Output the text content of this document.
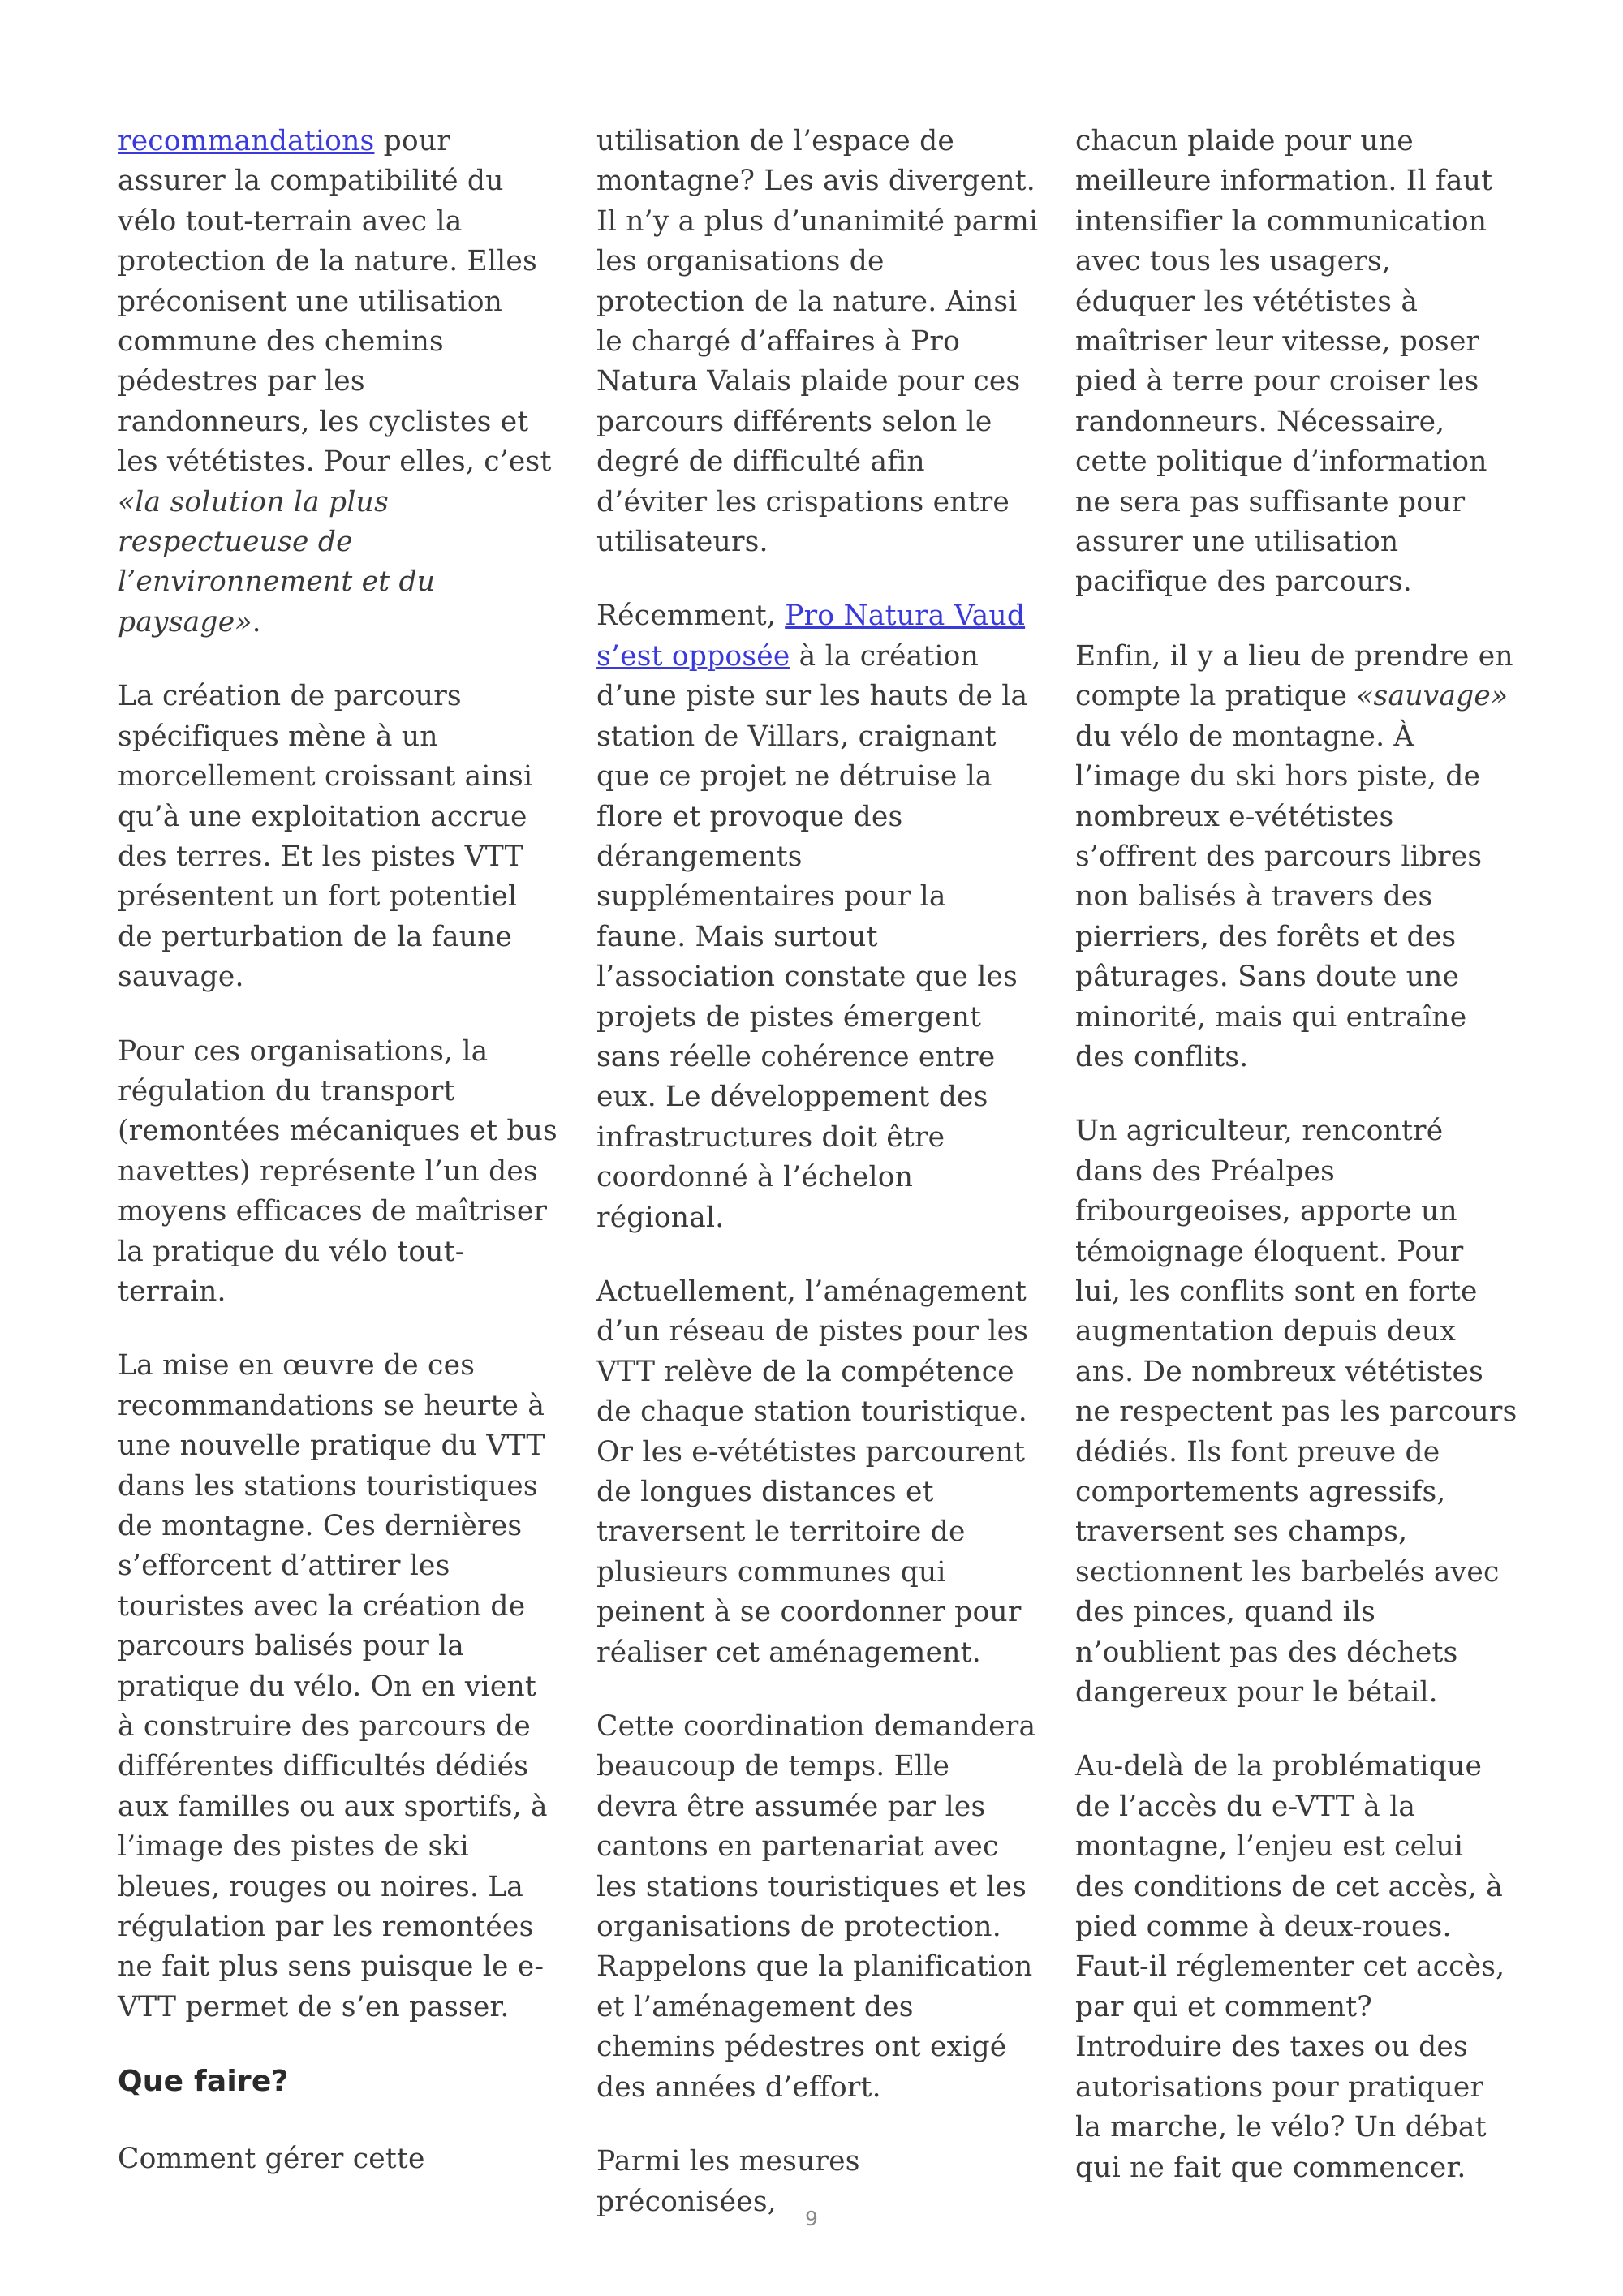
recommandations pour assurer la compatibilité du vélo tout-terrain avec la protection de la nature. Elles préconisent une utilisation commune des chemins pédestres par les randonneurs, les cyclistes et les vététistes. Pour elles, c’est «la solution la plus respectueuse de l’environnement et du paysage».

La création de parcours spécifiques mène à un morcellement croissant ainsi qu’à une exploitation accrue des terres. Et les pistes VTT présentent un fort potentiel de perturbation de la faune sauvage.

Pour ces organisations, la régulation du transport (remontées mécaniques et bus navettes) représente l’un des moyens efficaces de maîtriser la pratique du vélo tout-terrain.

La mise en œuvre de ces recommandations se heurte à une nouvelle pratique du VTT dans les stations touristiques de montagne. Ces dernières s’efforcent d’attirer les touristes avec la création de parcours balisés pour la pratique du vélo. On en vient à construire des parcours de différentes difficultés dédiés aux familles ou aux sportifs, à l’image des pistes de ski bleues, rouges ou noires. La régulation par les remontées ne fait plus sens puisque le e-VTT permet de s’en passer.

Que faire?

Comment gérer cette

utilisation de l’espace de montagne? Les avis divergent. Il n’y a plus d’unanimité parmi les organisations de protection de la nature. Ainsi le chargé d’affaires à Pro Natura Valais plaide pour ces parcours différents selon le degré de difficulté afin d’éviter les crispations entre utilisateurs.

Récemment, Pro Natura Vaud s’est opposée à la création d’une piste sur les hauts de la station de Villars, craignant que ce projet ne détruise la flore et provoque des dérangements supplémentaires pour la faune. Mais surtout l’association constate que les projets de pistes émergent sans réelle cohérence entre eux. Le développement des infrastructures doit être coordonné à l’échelon régional.

Actuellement, l’aménagement d’un réseau de pistes pour les VTT relève de la compétence de chaque station touristique. Or les e-vététistes parcourent de longues distances et traversent le territoire de plusieurs communes qui peinent à se coordonner pour réaliser cet aménagement.

Cette coordination demandera beaucoup de temps. Elle devra être assumée par les cantons en partenariat avec les stations touristiques et les organisations de protection. Rappelons que la planification et l’aménagement des chemins pédestres ont exigé des années d’effort.

Parmi les mesures préconisées,

chacun plaide pour une meilleure information. Il faut intensifier la communication avec tous les usagers, éduquer les vététistes à maîtriser leur vitesse, poser pied à terre pour croiser les randonneurs. Nécessaire, cette politique d’information ne sera pas suffisante pour assurer une utilisation pacifique des parcours.

Enfin, il y a lieu de prendre en compte la pratique «sauvage» du vélo de montagne. À l’image du ski hors piste, de nombreux e-vététistes s’offrent des parcours libres non balisés à travers des pierriers, des forêts et des pâturages. Sans doute une minorité, mais qui entraîne des conflits.

Un agriculteur, rencontré dans des Préalpes fribourgeoises, apporte un témoignage éloquent. Pour lui, les conflits sont en forte augmentation depuis deux ans. De nombreux vététistes ne respectent pas les parcours dédiés. Ils font preuve de comportements agressifs, traversent ses champs, sectionnent les barbelés avec des pinces, quand ils n’oublient pas des déchets dangereux pour le bétail.

Au-delà de la problématique de l’accès du e-VTT à la montagne, l’enjeu est celui des conditions de cet accès, à pied comme à deux-roues. Faut-il réglementer cet accès, par qui et comment? Introduire des taxes ou des autorisations pour pratiquer la marche, le vélo? Un débat qui ne fait que commencer.

9
